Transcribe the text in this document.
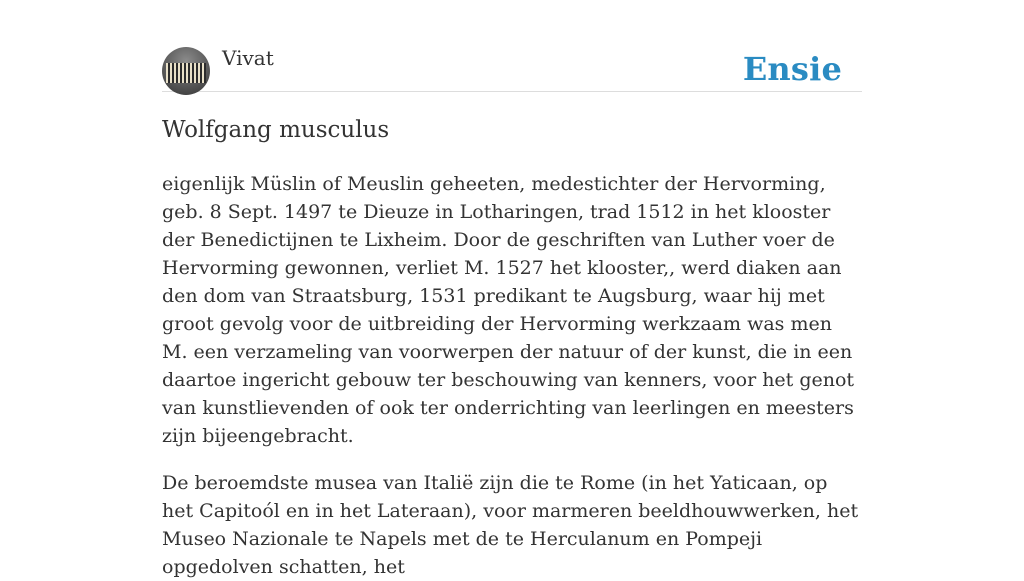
Vivat	Ensie
Wolfgang musculus

eigenlijk Müslin of Meuslin geheeten, medestichter der Hervorming, geb. 8 Sept. 1497 te Dieuze in Lotharingen, trad 1512 in het klooster der Benedictijnen te Lixheim. Door de geschriften van Luther voer de Hervorming gewonnen, verliet M. 1527 het klooster,, werd diaken aan den dom van Straatsburg, 1531 predikant te Augsburg, waar hij met groot gevolg voor de uitbreiding der Hervorming werkzaam was men M. een verzameling van voorwerpen der natuur of der kunst, die in een daartoe ingericht gebouw ter beschouwing van kenners, voor het genot van kunstlievenden of ook ter onderrichting van leerlingen en meesters zijn bijeengebracht.

De beroemdste musea van Italië zijn die te Rome (in het Yaticaan, op het Capitoól en in het Lateraan), voor marmeren beeldhouwwerken, het Museo Nazionale te Napels met de te Herculanum en Pompeji opgedolven schatten, het
